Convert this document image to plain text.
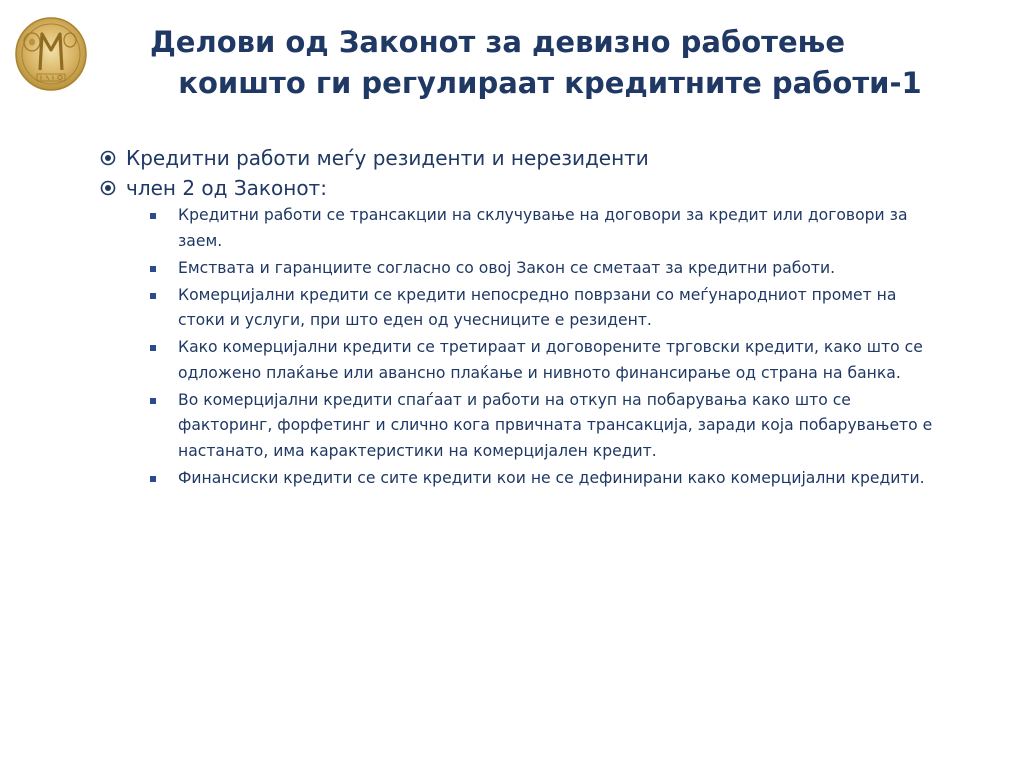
Делови од Законот за девизно работење
коишто ги регулираат кредитните работи-1
Кредитни работи меѓу резиденти и нерезиденти
член 2 од Законот:
Кредитни работи се трансакции на склучување на договори за кредит или договори за заем.
Емствата и гаранциите согласно со овој Закон се сметаат за кредитни работи.
Комерцијални кредити се кредити непосредно поврзани со меѓународниот промет на стоки и услуги, при што еден од учесниците е резидент.
Како комерцијални кредити се третираат и договорените трговски кредити, како што се одложено плаќање или авансно плаќање и нивното финансирање од страна на банка.
Во комерцијални кредити спаѓаат и работи на откуп на побарувања како што се факторинг, форфетинг и слично кога првичната трансакција, заради која побарувањето е настанато, има карактеристики на комерцијален кредит.
Финансиски кредити се сите кредити кои не се дефинирани како комерцијални кредити.
